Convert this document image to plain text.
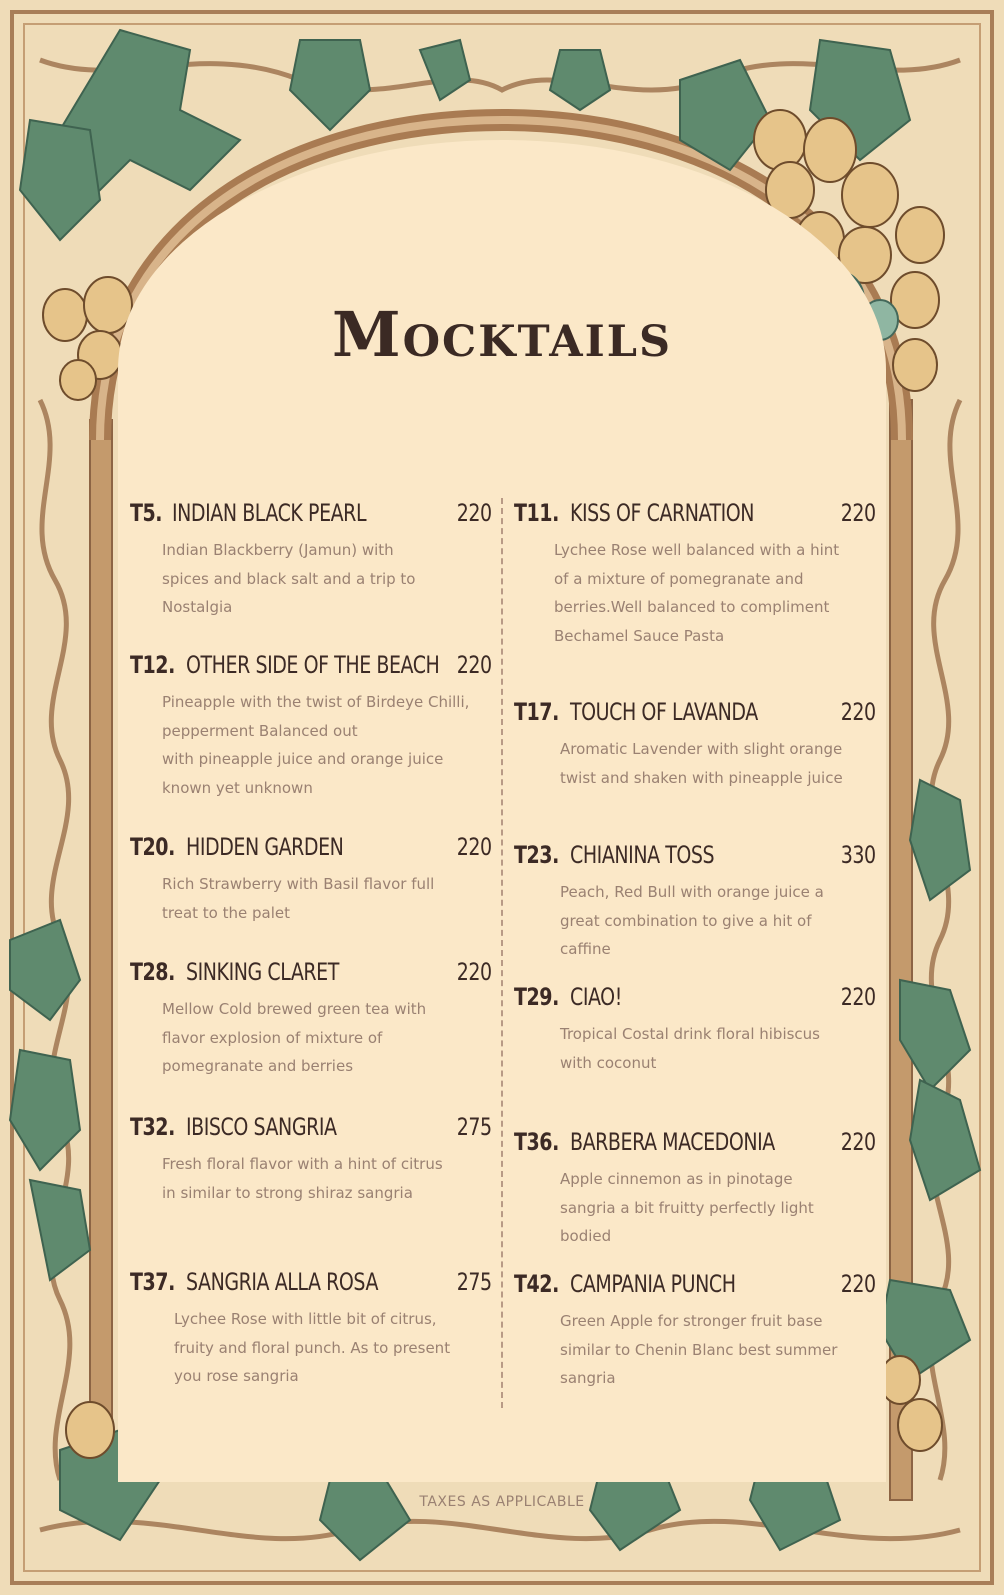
Mocktails
T5. INDIAN BLACK PEARL	220
Indian Blackberry (Jamun) with
spices and black salt and a trip to
Nostalgia
T12. OTHER SIDE OF THE BEACH 220
Pineapple with the twist of Birdeye Chilli,
pepperment Balanced out
with pineapple juice and orange juice
known yet unknown
T20. HIDDEN GARDEN	220
Rich Strawberry with Basil flavor full
treat to the palet
T28. SINKING CLARET	220
Mellow Cold brewed green tea with
flavor explosion of mixture of
pomegranate and berries
T32. IBISCO SANGRIA	275
Fresh floral flavor with a hint of citrus
in similar to strong shiraz sangria
T37. SANGRIA ALLA ROSA	275
Lychee Rose with little bit of citrus,
fruity and floral punch. As to present
you rose sangria
T11. KISS OF CARNATION	220
Lychee Rose well balanced with a hint
of a mixture of pomegranate and
berries.Well balanced to compliment
Bechamel Sauce Pasta
T17. TOUCH OF LAVANDA	220
Aromatic Lavender with slight orange
twist and shaken with pineapple juice
T23. CHIANINA TOSS	330
Peach, Red Bull with orange juice a
great combination to give a hit of
caffine
T29. CIAO!	220
Tropical Costal drink floral hibiscus
with coconut
T36. BARBERA MACEDONIA	220
Apple cinnemon as in pinotage
sangria a bit fruitty perfectly light
bodied
T42. CAMPANIA PUNCH	220
Green Apple for stronger fruit base
similar to Chenin Blanc best summer
sangria
TAXES AS APPLICABLE
